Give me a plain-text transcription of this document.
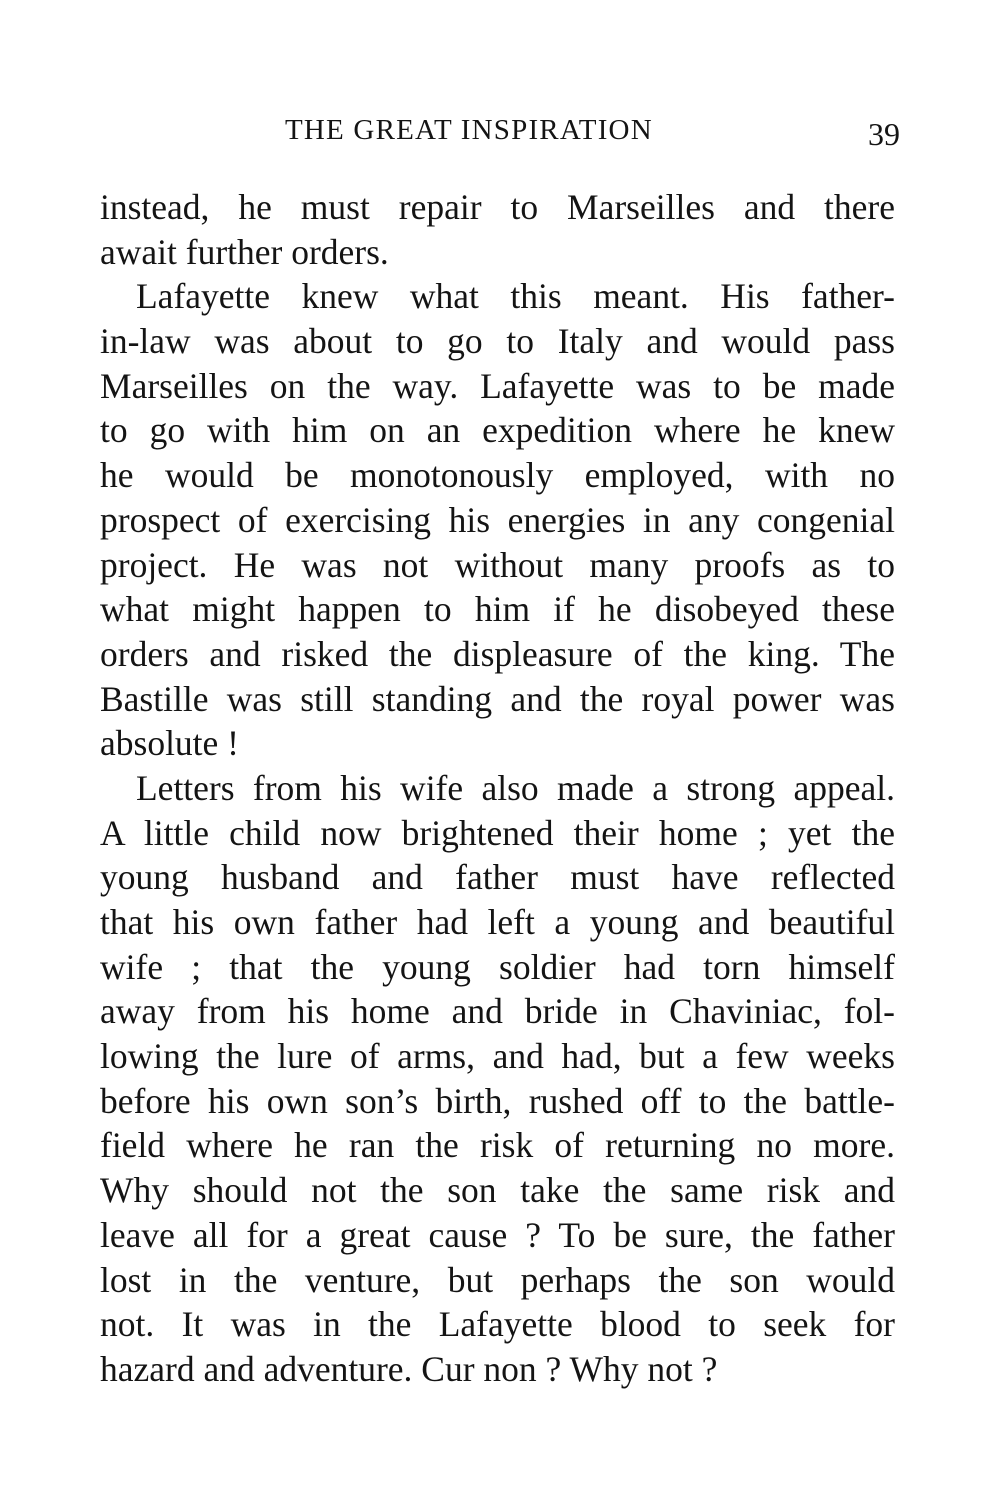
THE GREAT INSPIRATION	39
instead, he must repair to Marseilles and there
await further orders.
Lafayette knew what this meant. His father-
in-law was about to go to Italy and would pass
Marseilles on the way. Lafayette was to be made
to go with him on an expedition where he knew
he would be monotonously employed, with no
prospect of exercising his energies in any congenial
project. He was not without many proofs as to
what might happen to him if he disobeyed these
orders and risked the displeasure of the king. The
Bastille was still standing and the royal power was
absolute !
Letters from his wife also made a strong appeal.
A little child now brightened their home ; yet the
young husband and father must have reflected
that his own father had left a young and beautiful
wife ; that the young soldier had torn himself
away from his home and bride in Chaviniac, fol-
lowing the lure of arms, and had, but a few weeks
before his own son’s birth, rushed off to the battle-
field where he ran the risk of returning no more.
Why should not the son take the same risk and
leave all for a great cause ? To be sure, the father
lost in the venture, but perhaps the son would
not. It was in the Lafayette blood to seek for
hazard and adventure. Cur non ? Why not ?
